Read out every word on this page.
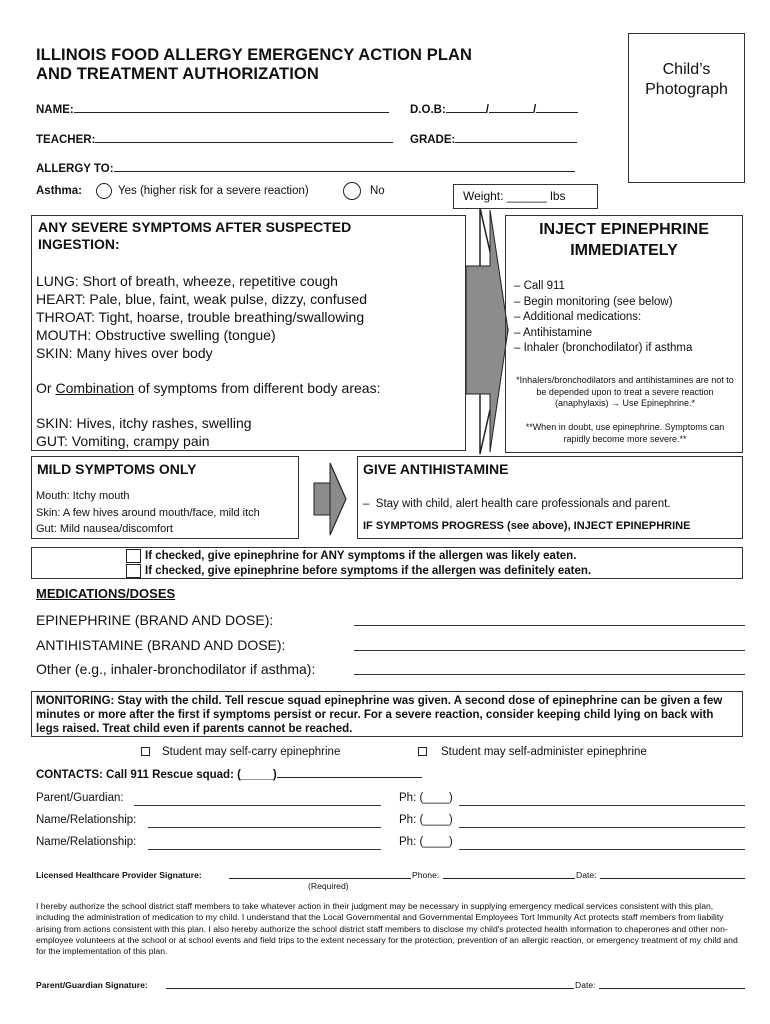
ILLINOIS FOOD ALLERGY EMERGENCY ACTION PLAN
AND TREATMENT AUTHORIZATION	Child’s
Photograph
NAME:	D.O.B:	/	/
TEACHER:	GRADE:
ALLERGY TO:
Asthma:	Yes (higher risk for a severe reaction)	No	Weight: ______ lbs
ANY SEVERE SYMPTOMS AFTER SUSPECTED INGESTION:
LUNG: Short of breath, wheeze, repetitive cough
HEART: Pale, blue, faint, weak pulse, dizzy, confused
THROAT: Tight, hoarse, trouble breathing/swallowing
MOUTH: Obstructive swelling (tongue)
SKIN: Many hives over body
Or Combination of symptoms from different body areas:
SKIN: Hives, itchy rashes, swelling
GUT: Vomiting, crampy pain
INJECT EPINEPHRINE
IMMEDIATELY
– Call 911
– Begin monitoring (see below)
– Additional medications:
– Antihistamine
– Inhaler (bronchodilator) if asthma
*Inhalers/bronchodilators and antihistamines are not to be depended upon to treat a severe reaction (anaphylaxis) → Use Epinephrine.*
**When in doubt, use epinephrine. Symptoms can rapidly become more severe.**
MILD SYMPTOMS ONLY
Mouth: Itchy mouth
Skin: A few hives around mouth/face, mild itch
Gut: Mild nausea/discomfort
GIVE ANTIHISTAMINE
–  Stay with child, alert health care professionals and parent.
IF SYMPTOMS PROGRESS (see above), INJECT EPINEPHRINE
If checked, give epinephrine for ANY symptoms if the allergen was likely eaten.
If checked, give epinephrine before symptoms if the allergen was definitely eaten.
MEDICATIONS/DOSES
EPINEPHRINE (BRAND AND DOSE):
ANTIHISTAMINE (BRAND AND DOSE):
Other (e.g., inhaler-bronchodilator if asthma):
MONITORING: Stay with the child. Tell rescue squad epinephrine was given. A second dose of epinephrine can be given a few minutes or more after the first if symptoms persist or recur. For a severe reaction, consider keeping child lying on back with legs raised. Treat child even if parents cannot be reached.
Student may self-carry epinephrine	Student may self-administer epinephrine
CONTACTS: Call 911 Rescue squad: (_____)
Parent/Guardian:	Ph: (____)
Name/Relationship:	Ph: (____)
Name/Relationship:	Ph: (____)
Licensed Healthcare Provider Signature:	Phone:	Date:
(Required)
I hereby authorize the school district staff members to take whatever action in their judgment may be necessary in supplying emergency medical services consistent with this plan, including the administration of medication to my child. I understand that the Local Governmental and Governmental Employees Tort Immunity Act protects staff members from liability arising from actions consistent with this plan. I also hereby authorize the school district staff members to disclose my child's protected health information to chaperones and other non-employee volunteers at the school or at school events and field trips to the extent necessary for the protection, prevention of an allergic reaction, or emergency treatment of my child and for the implementation of this plan.
Parent/Guardian Signature:	Date:
